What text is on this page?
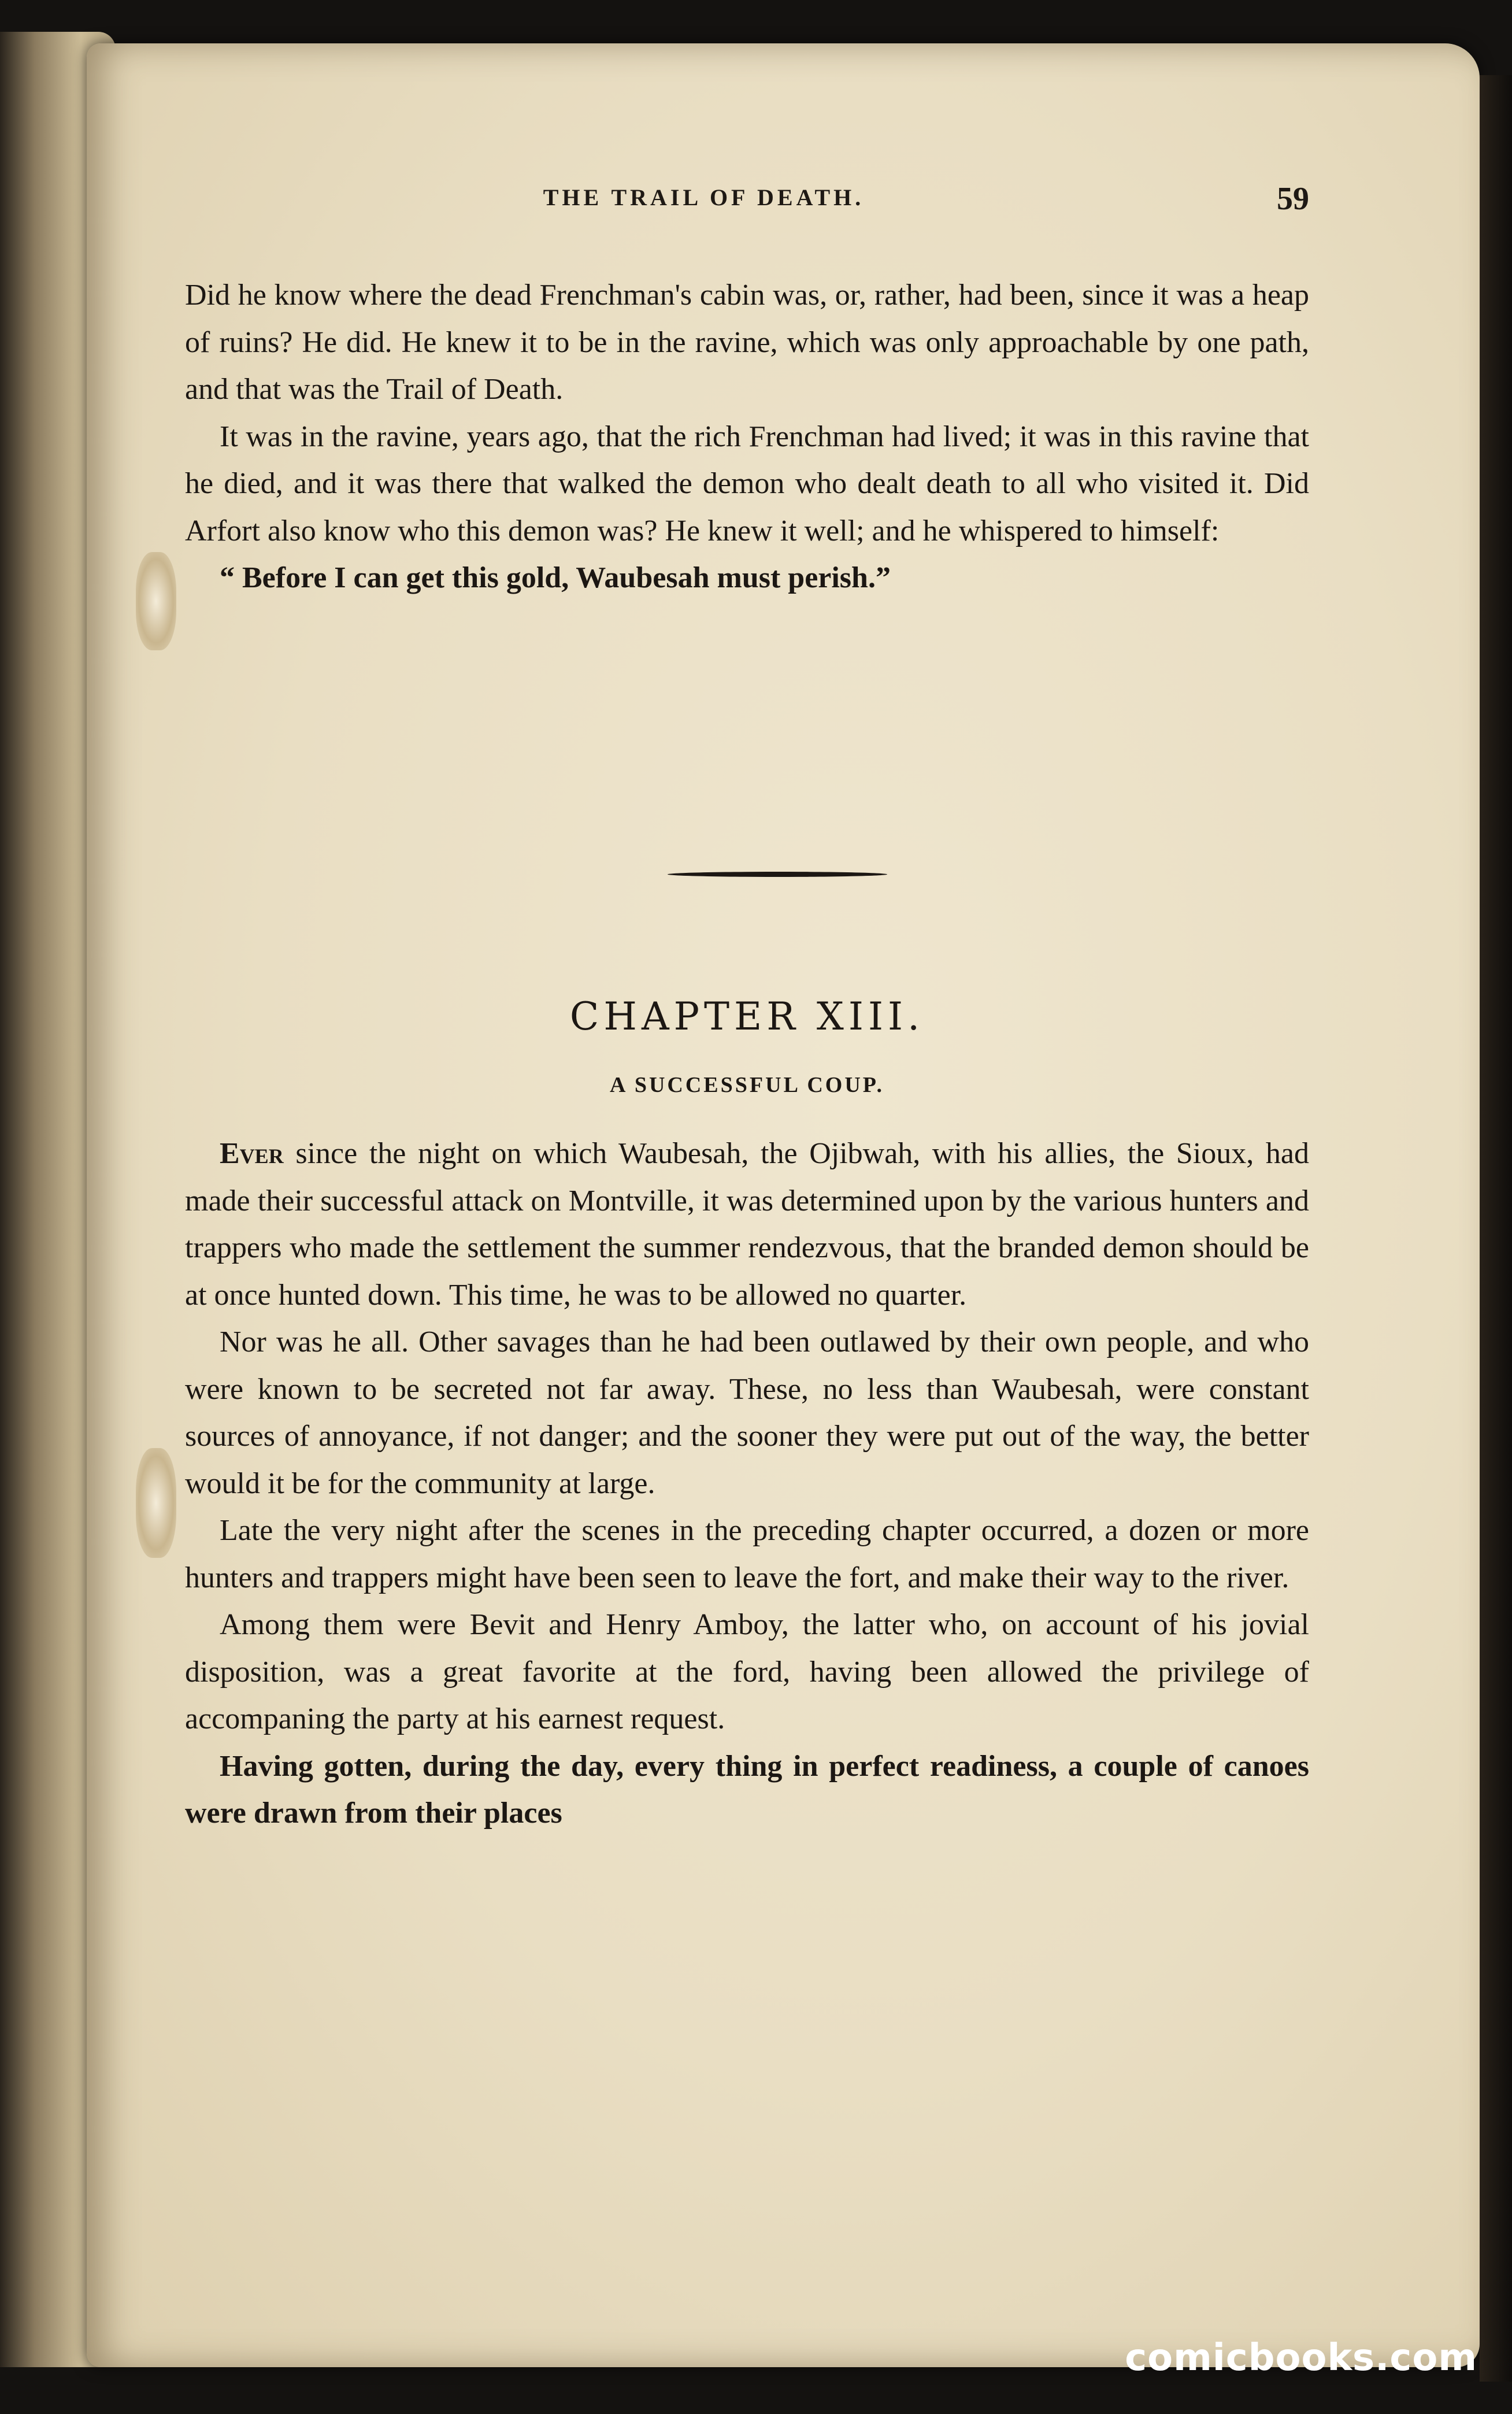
THE TRAIL OF DEATH.	59

Did he know where the dead Frenchman's cabin was, or, rather, had been, since it was a heap of ruins? He did. He knew it to be in the ravine, which was only approachable by one path, and that was the Trail of Death.

It was in the ravine, years ago, that the rich Frenchman had lived; it was in this ravine that he died, and it was there that walked the demon who dealt death to all who visited it. Did Arfort also know who this demon was? He knew it well; and he whispered to himself:

“ Before I can get this gold, Waubesah must perish.”

CHAPTER XIII.
A SUCCESSFUL COUP.

Ever since the night on which Waubesah, the Ojibwah, with his allies, the Sioux, had made their successful attack on Montville, it was determined upon by the various hunters and trappers who made the settlement the summer rendezvous, that the branded demon should be at once hunted down. This time, he was to be allowed no quarter.

Nor was he all. Other savages than he had been outlawed by their own people, and who were known to be secreted not far away. These, no less than Waubesah, were constant sources of annoyance, if not danger; and the sooner they were put out of the way, the better would it be for the community at large.

Late the very night after the scenes in the preceding chapter occurred, a dozen or more hunters and trappers might have been seen to leave the fort, and make their way to the river.

Among them were Bevit and Henry Amboy, the latter who, on account of his jovial disposition, was a great favorite at the ford, having been allowed the privilege of accompaning the party at his earnest request.

Having gotten, during the day, every thing in perfect readiness, a couple of canoes were drawn from their places

comicbooks.com
